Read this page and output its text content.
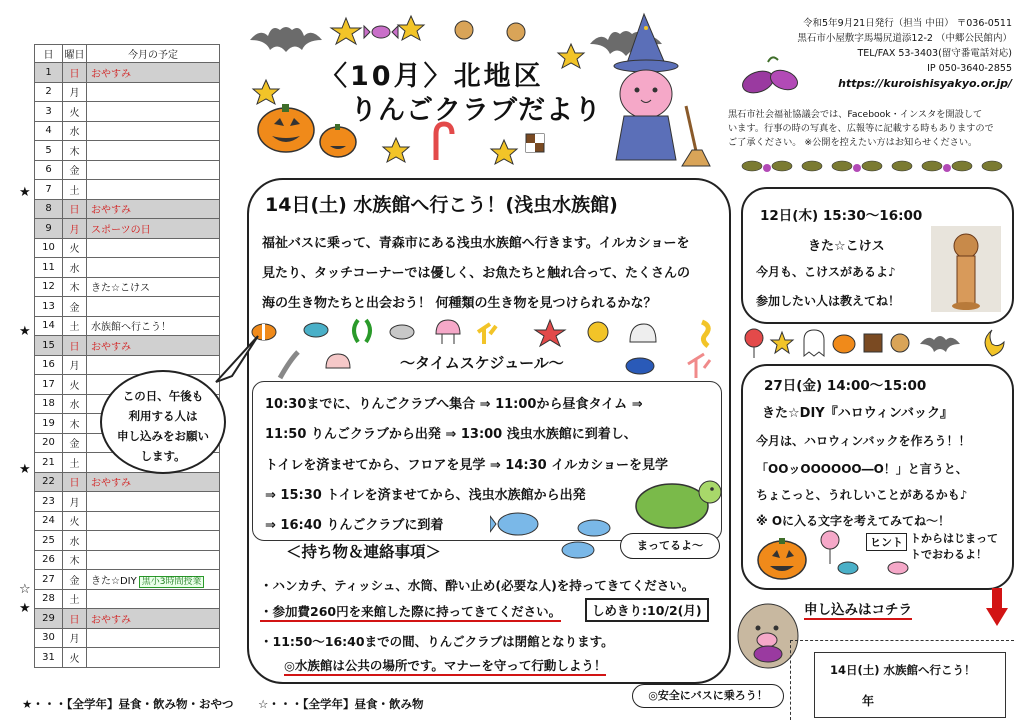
日	曜日	今月の予定
1	日	おやすみ
2	月	
3	火	
4	水	
5	木	
6	金	
7	土	
8	日	おやすみ
9	月	スポーツの日
10	火	
11	水	
12	木	きた☆こけス
13	金	
14	土	水族館へ行こう！
15	日	おやすみ
16	月	
17	火	
18	水	
19	木	
20	金	
21	土	
22	日	おやすみ
23	月	
24	火	
25	水	
26	木	
27	金	きた☆DIY 黒小3時間授業
28	土	
29	日	おやすみ
30	月	
31	火	
★
★
★
☆
★
★・・・【全学年】昼食・飲み物・おやつ ☆・・・【全学年】昼食・飲み物
〈10月〉北地区
りんごクラブだより
令和5年9月21日発行（担当 中田） 〒036-0511
黒石市小屋敷字馬場尻道添12-2 （中郷公民館内）
TEL/FAX 53-3403(留守番電話対応)
IP 050-3640-2855
https://kuroishisyakyo.or.jp/
黒石市社会福祉協議会では、Facebook・インスタを開設して
います。行事の時の写真を、広報等に記載する時もありますので
ご了承ください。 ※公開を控えたい方はお知らせください。
14日(土) 水族館へ行こう！(浅虫水族館)
福祉バスに乗って、青森市にある浅虫水族館へ行きます。イルカショーを
見たり、タッチコーナーでは優しく、お魚たちと触れ合って、たくさんの
海の生き物たちと出会おう！ 何種類の生き物を見つけられるかな？
～タイムスケジュール～
10:30までに、りんごクラブへ集合 ⇒ 11:00から昼食タイム ⇒
11:50 りんごクラブから出発 ⇒ 13:00 浅虫水族館に到着し、
トイレを済ませてから、フロアを見学 ⇒ 14:30 イルカショーを見学
⇒ 15:30 トイレを済ませてから、浅虫水族館から出発
⇒ 16:40 りんごクラブに到着
まってるよ～
＜持ち物＆連絡事項＞
・ハンカチ、ティッシュ、水筒、酔い止め(必要な人)を持ってきてください。
・参加費260円を来館した際に持ってきてください。	しめきり:10/2(月)
・11:50～16:40までの間、りんごクラブは閉館となります。
◎水族館は公共の場所です。マナーを守って行動しよう！
◎安全にバスに乗ろう！
この日、午後も
利用する人は
申し込みをお願い
します。
12日(木) 15:30～16:00
きた☆こけス
今月も、こけスがあるよ♪
参加したい人は教えてね！
27日(金) 14:00～15:00
きた☆DIY『ハロウィンバック』
今月は、ハロウィンバックを作ろう！！
「OOッOOOOOO―O！」と言うと、
ちょこっと、うれしいことがあるかも♪
※ Oに入る文字を考えてみてね～！
ヒント トからはじまって
トでおわるよ！
申し込みはコチラ
14日(土) 水族館へ行こう！
年
